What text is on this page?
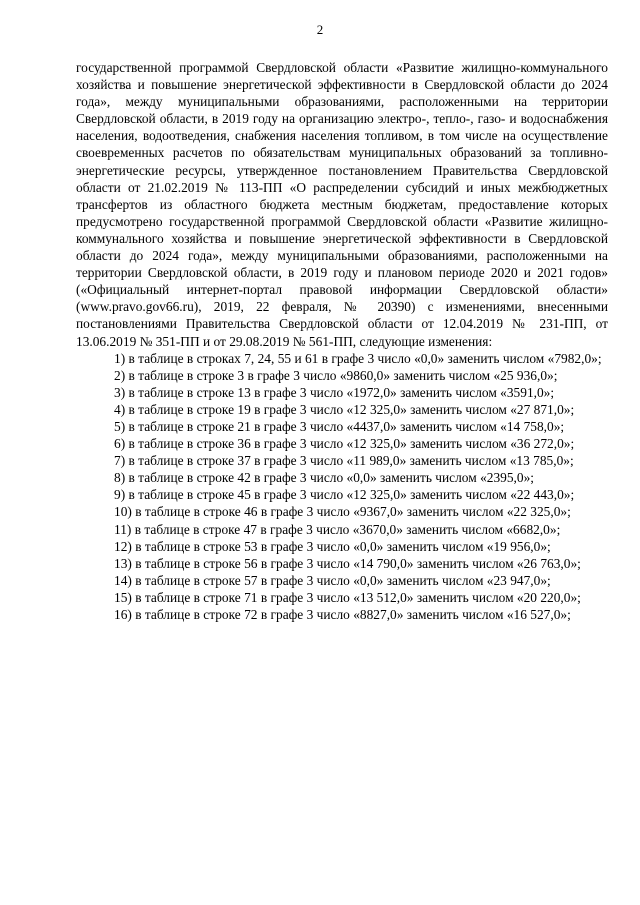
2

государственной программой Свердловской области «Развитие жилищно-коммунального хозяйства и повышение энергетической эффективности в Свердловской области до 2024 года», между муниципальными образованиями, расположенными на территории Свердловской области, в 2019 году на организацию электро-, тепло-, газо- и водоснабжения населения, водоотведения, снабжения населения топливом, в том числе на осуществление своевременных расчетов по обязательствам муниципальных образований за топливно-энергетические ресурсы, утвержденное постановлением Правительства Свердловской области от 21.02.2019 № 113-ПП «О распределении субсидий и иных межбюджетных трансфертов из областного бюджета местным бюджетам, предоставление которых предусмотрено государственной программой Свердловской области «Развитие жилищно-коммунального хозяйства и повышение энергетической эффективности в Свердловской области до 2024 года», между муниципальными образованиями, расположенными на территории Свердловской области, в 2019 году и плановом периоде 2020 и 2021 годов» («Официальный интернет-портал правовой информации Свердловской области» (www.pravo.gov66.ru), 2019, 22 февраля, № 20390) с изменениями, внесенными постановлениями Правительства Свердловской области от 12.04.2019 № 231-ПП, от 13.06.2019 № 351-ПП и от 29.08.2019 № 561-ПП, следующие изменения:

1) в таблице в строках 7, 24, 55 и 61 в графе 3 число «0,0» заменить числом «7982,0»;
2) в таблице в строке 3 в графе 3 число «9860,0» заменить числом «25 936,0»;
3) в таблице в строке 13 в графе 3 число «1972,0» заменить числом «3591,0»;
4) в таблице в строке 19 в графе 3 число «12 325,0» заменить числом «27 871,0»;
5) в таблице в строке 21 в графе 3 число «4437,0» заменить числом «14 758,0»;
6) в таблице в строке 36 в графе 3 число «12 325,0» заменить числом «36 272,0»;
7) в таблице в строке 37 в графе 3 число «11 989,0» заменить числом «13 785,0»;
8) в таблице в строке 42 в графе 3 число «0,0» заменить числом «2395,0»;
9) в таблице в строке 45 в графе 3 число «12 325,0» заменить числом «22 443,0»;
10) в таблице в строке 46 в графе 3 число «9367,0» заменить числом «22 325,0»;
11) в таблице в строке 47 в графе 3 число «3670,0» заменить числом «6682,0»;
12) в таблице в строке 53 в графе 3 число «0,0» заменить числом «19 956,0»;
13) в таблице в строке 56 в графе 3 число «14 790,0» заменить числом «26 763,0»;
14) в таблице в строке 57 в графе 3 число «0,0» заменить числом «23 947,0»;
15) в таблице в строке 71 в графе 3 число «13 512,0» заменить числом «20 220,0»;
16) в таблице в строке 72 в графе 3 число «8827,0» заменить числом «16 527,0»;
